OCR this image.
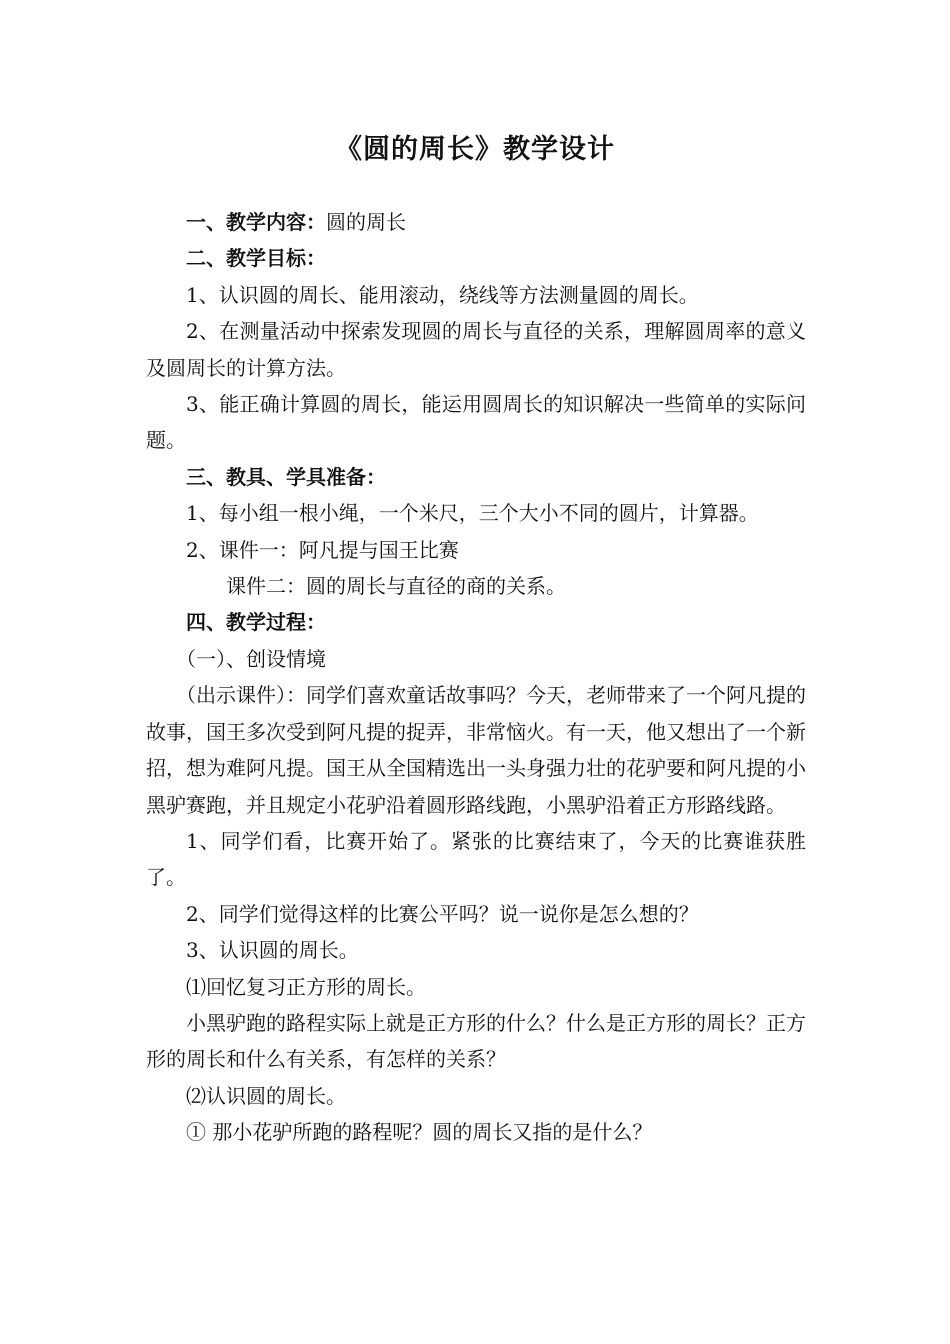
《圆的周长》教学设计

一、教学内容：圆的周长

二、教学目标：

1、认识圆的周长、能用滚动，绕线等方法测量圆的周长。

2、在测量活动中探索发现圆的周长与直径的关系，理解圆周率的意义及圆周长的计算方法。

3、能正确计算圆的周长，能运用圆周长的知识解决一些简单的实际问题。

三、教具、学具准备：

1、每小组一根小绳，一个米尺，三个大小不同的圆片，计算器。

2、课件一：阿凡提与国王比赛

课件二：圆的周长与直径的商的关系。

四、教学过程：

（一）、创设情境

（出示课件）：同学们喜欢童话故事吗？今天，老师带来了一个阿凡提的故事，国王多次受到阿凡提的捉弄，非常恼火。有一天，他又想出了一个新招，想为难阿凡提。国王从全国精选出一头身强力壮的花驴要和阿凡提的小黑驴赛跑，并且规定小花驴沿着圆形路线跑，小黑驴沿着正方形路线路。

1、同学们看，比赛开始了。紧张的比赛结束了，今天的比赛谁获胜了。

2、同学们觉得这样的比赛公平吗？说一说你是怎么想的？

3、认识圆的周长。

⑴回忆复习正方形的周长。

小黑驴跑的路程实际上就是正方形的什么？什么是正方形的周长？正方形的周长和什么有关系，有怎样的关系？

⑵认识圆的周长。

① 那小花驴所跑的路程呢？圆的周长又指的是什么？
